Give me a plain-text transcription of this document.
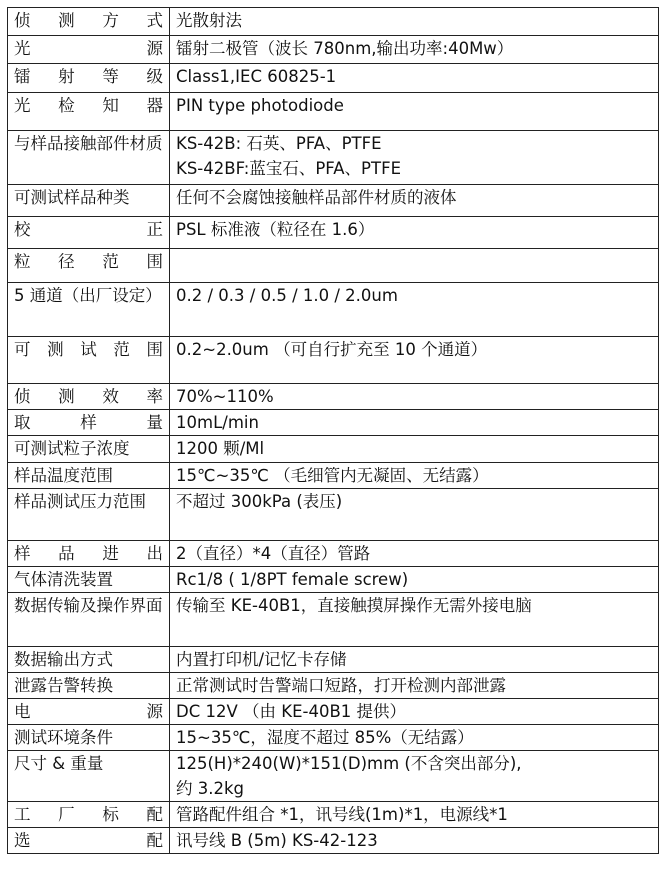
侦测方式	光散射法

光源	镭射二极管（波长 780nm,输出功率:40Mw）

镭射等级	Class1,IEC 60825-1

光检知器	PIN type photodiode

与样品接触部件材质	KS-42B: 石英、PFA、PTFE
KS-42BF:蓝宝石、PFA、PTFE

可测试样品种类	任何不会腐蚀接触样品部件材质的液体

校正	PSL 标准液（粒径在 1.6）

粒径范围	

5 通道（出厂设定）	0.2 / 0.3 / 0.5 / 1.0 / 2.0um

可测试范围	0.2~2.0um （可自行扩充至 10 个通道）

侦测效率	70%~110%

取样量	10mL/min

可测试粒子浓度	1200 颗/Ml

样品温度范围	15℃~35℃ （毛细管内无凝固、无结露）

样品测试压力范围	不超过 300kPa (表压)

样品进出	2（直径）*4（直径）管路

气体清洗装置	Rc1/8 ( 1/8PT female screw)

数据传输及操作界面	传输至 KE-40B1，直接触摸屏操作无需外接电脑

数据输出方式	内置打印机/记忆卡存储

泄露告警转换	正常测试时告警端口短路，打开检测内部泄露

电源	DC 12V （由 KE-40B1 提供）

测试环境条件	15~35℃，湿度不超过 85%（无结露）

尺寸 & 重量	125(H)*240(W)*151(D)mm (不含突出部分),
约 3.2kg

工厂标配	管路配件组合 *1，讯号线(1m)*1，电源线*1

选配	讯号线 B (5m) KS-42-123
